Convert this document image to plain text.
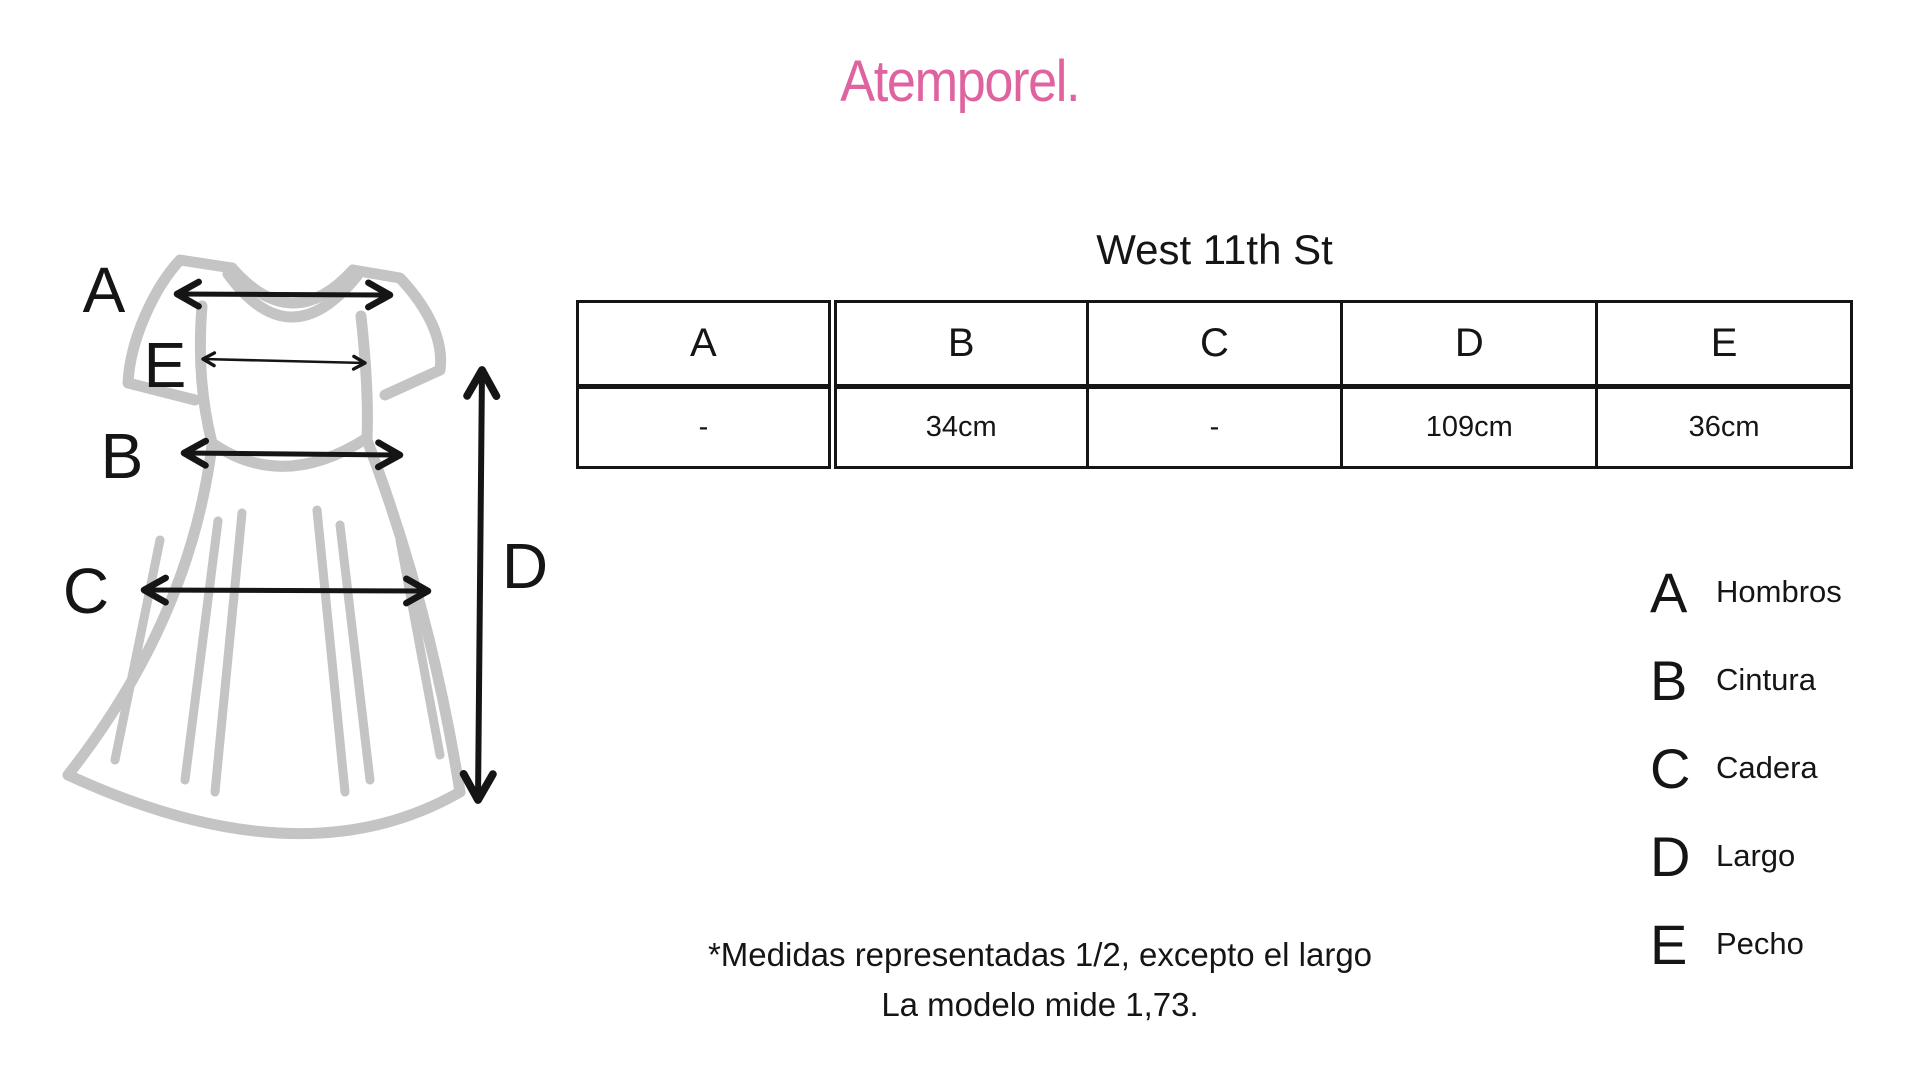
Atemporel.
A
E
B
C	D
West 11th St
A	B	C	D	E
-	34cm	-	109cm	36cm
A Hombros
B Cintura
C Cadera
D Largo
E Pecho
*Medidas representadas 1/2, excepto el largo
La modelo mide 1,73.
